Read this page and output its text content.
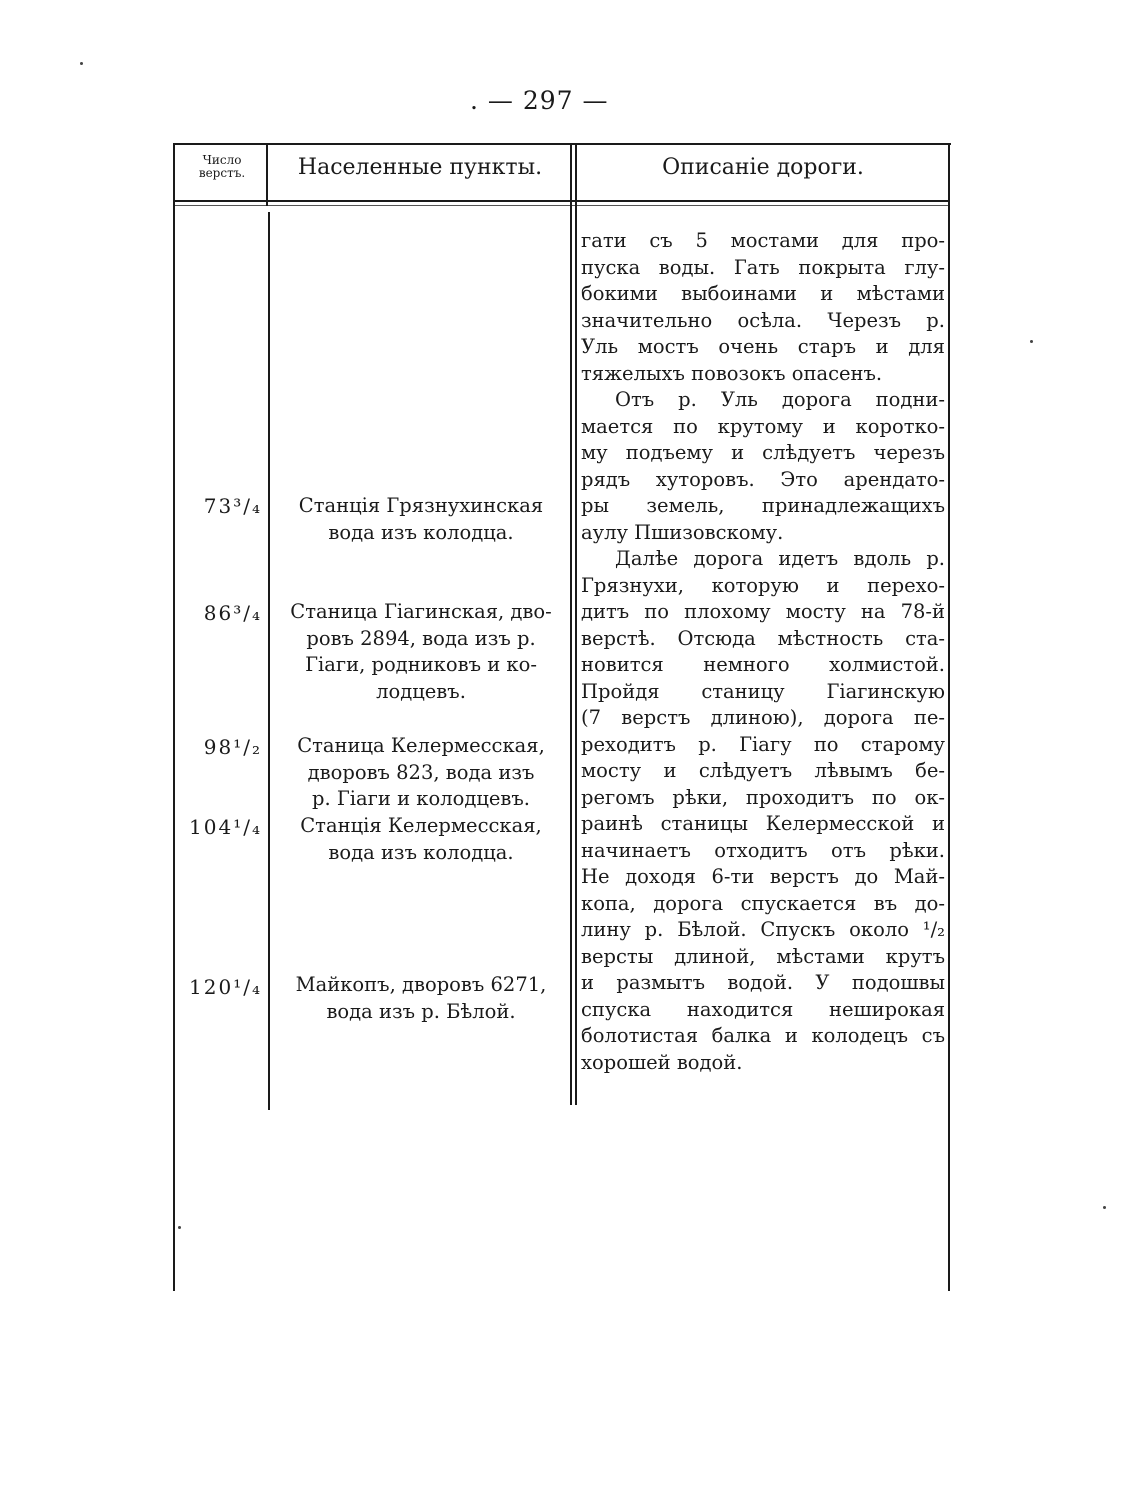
. — 297 —
Число
верстъ.	Населенные пункты.	Описаніе дороги.
73³/₄
86³/₄
98¹/₂
104¹/₄
120¹/₄
Станція Грязнухинская
вода изъ колодца.
Станица Гіагинская, дво-
ровъ 2894, вода изъ р.
Гіаги, родниковъ и ко-
лодцевъ.
Станица Келермесская,
дворовъ 823, вода изъ
р. Гіаги и колодцевъ.
Станція Келермесская,
вода изъ колодца.
Майкопъ, дворовъ 6271,
вода изъ р. Бѣлой.

гати съ 5 мостами для про-
пуска воды. Гать покрыта глу-
бокими выбоинами и мѣстами
значительно осѣла. Черезъ р.
Уль мостъ очень старъ и для
тяжелыхъ повозокъ опасенъ.

Отъ р. Уль дорога подни-
мается по крутому и коротко-
му подъему и слѣдуетъ черезъ
рядъ хуторовъ. Это арендато-
ры земель, принадлежащихъ
аулу Пшизовскому.

Далѣе дорога идетъ вдоль р.
Грязнухи, которую и перехо-
дитъ по плохому мосту на 78-й
верстѣ. Отсюда мѣстность ста-
новится немного холмистой.
Пройдя станицу Гіагинскую
(7 верстъ длиною), дорога пе-
реходитъ р. Гіагу по старому
мосту и слѣдуетъ лѣвымъ бе-
регомъ рѣки, проходитъ по ок-
раинѣ станицы Келермесской и
начинаетъ отходитъ отъ рѣки.
Не доходя 6-ти верстъ до Май-
копа, дорога спускается въ до-
лину р. Бѣлой. Спускъ около ¹/₂
версты длиной, мѣстами крутъ
и размытъ водой. У подошвы
спуска находится неширокая
болотистая балка и колодецъ съ
хорошей водой.
